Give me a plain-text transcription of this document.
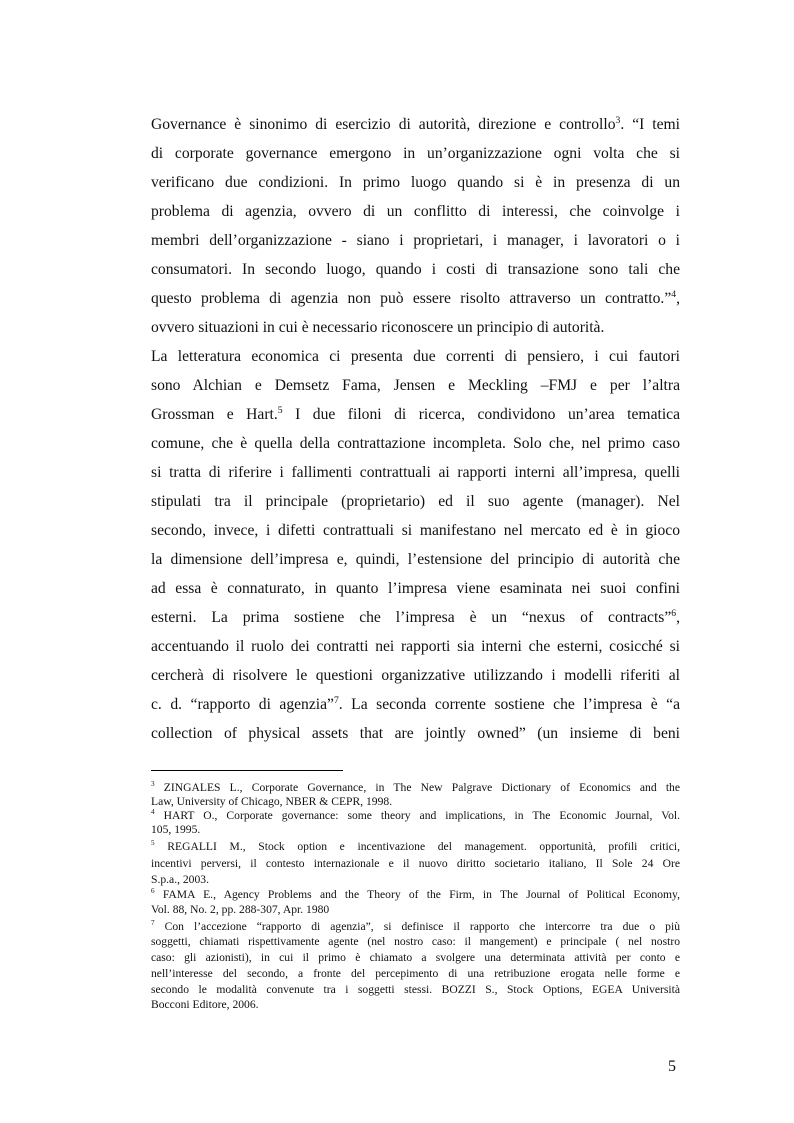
Governance è sinonimo di esercizio di autorità, direzione e controllo$^3$. “I temi
di corporate governance emergono in un’organizzazione ogni volta che si
verificano due condizioni. In primo luogo quando si è in presenza di un
problema di agenzia, ovvero di un conflitto di interessi, che coinvolge i
membri dell’organizzazione - siano i proprietari, i manager, i lavoratori o i
consumatori. In secondo luogo, quando i costi di transazione sono tali che
questo problema di agenzia non può essere risolto attraverso un contratto.”$^4$,
ovvero situazioni in cui è necessario riconoscere un principio di autorità.
La letteratura economica ci presenta due correnti di pensiero, i cui fautori
sono Alchian e Demsetz Fama, Jensen e Meckling –FMJ e per l’altra
Grossman e Hart.$^5$ I due filoni di ricerca, condividono un’area tematica
comune, che è quella della contrattazione incompleta. Solo che, nel primo caso
si tratta di riferire i fallimenti contrattuali ai rapporti interni all’impresa, quelli
stipulati tra il principale (proprietario) ed il suo agente (manager). Nel
secondo, invece, i difetti contrattuali si manifestano nel mercato ed è in gioco
la dimensione dell’impresa e, quindi, l’estensione del principio di autorità che
ad essa è connaturato, in quanto l’impresa viene esaminata nei suoi confini
esterni. La prima sostiene che l’impresa è un “nexus of contracts”$^6$,
accentuando il ruolo dei contratti nei rapporti sia interni che esterni, cosicché si
cercherà di risolvere le questioni organizzative utilizzando i modelli riferiti al
c. d. “rapporto di agenzia”$^7$. La seconda corrente sostiene che l’impresa è “a
collection of physical assets that are jointly owned” (un insieme di beni
$^3$ ZINGALES L., Corporate Governance, in The New Palgrave Dictionary of Economics and the
Law, University of Chicago, NBER & CEPR, 1998.
$^4$ HART O., Corporate governance: some theory and implications, in The Economic Journal, Vol.
105, 1995.
$^5$ REGALLI M., Stock option e incentivazione del management. opportunità, profili critici,
incentivi perversi, il contesto internazionale e il nuovo diritto societario italiano, Il Sole 24 Ore
S.p.a., 2003.
$^6$ FAMA E., Agency Problems and the Theory of the Firm, in The Journal of Political Economy,
Vol. 88, No. 2, pp. 288-307, Apr. 1980
$^7$ Con l’accezione “rapporto di agenzia”, si definisce il rapporto che intercorre tra due o più
soggetti, chiamati rispettivamente agente (nel nostro caso: il mangement) e principale ( nel nostro
caso: gli azionisti), in cui il primo è chiamato a svolgere una determinata attività per conto e
nell’interesse del secondo, a fronte del percepimento di una retribuzione erogata nelle forme e
secondo le modalità convenute tra i soggetti stessi. BOZZI S., Stock Options, EGEA Università
Bocconi Editore, 2006.
5
